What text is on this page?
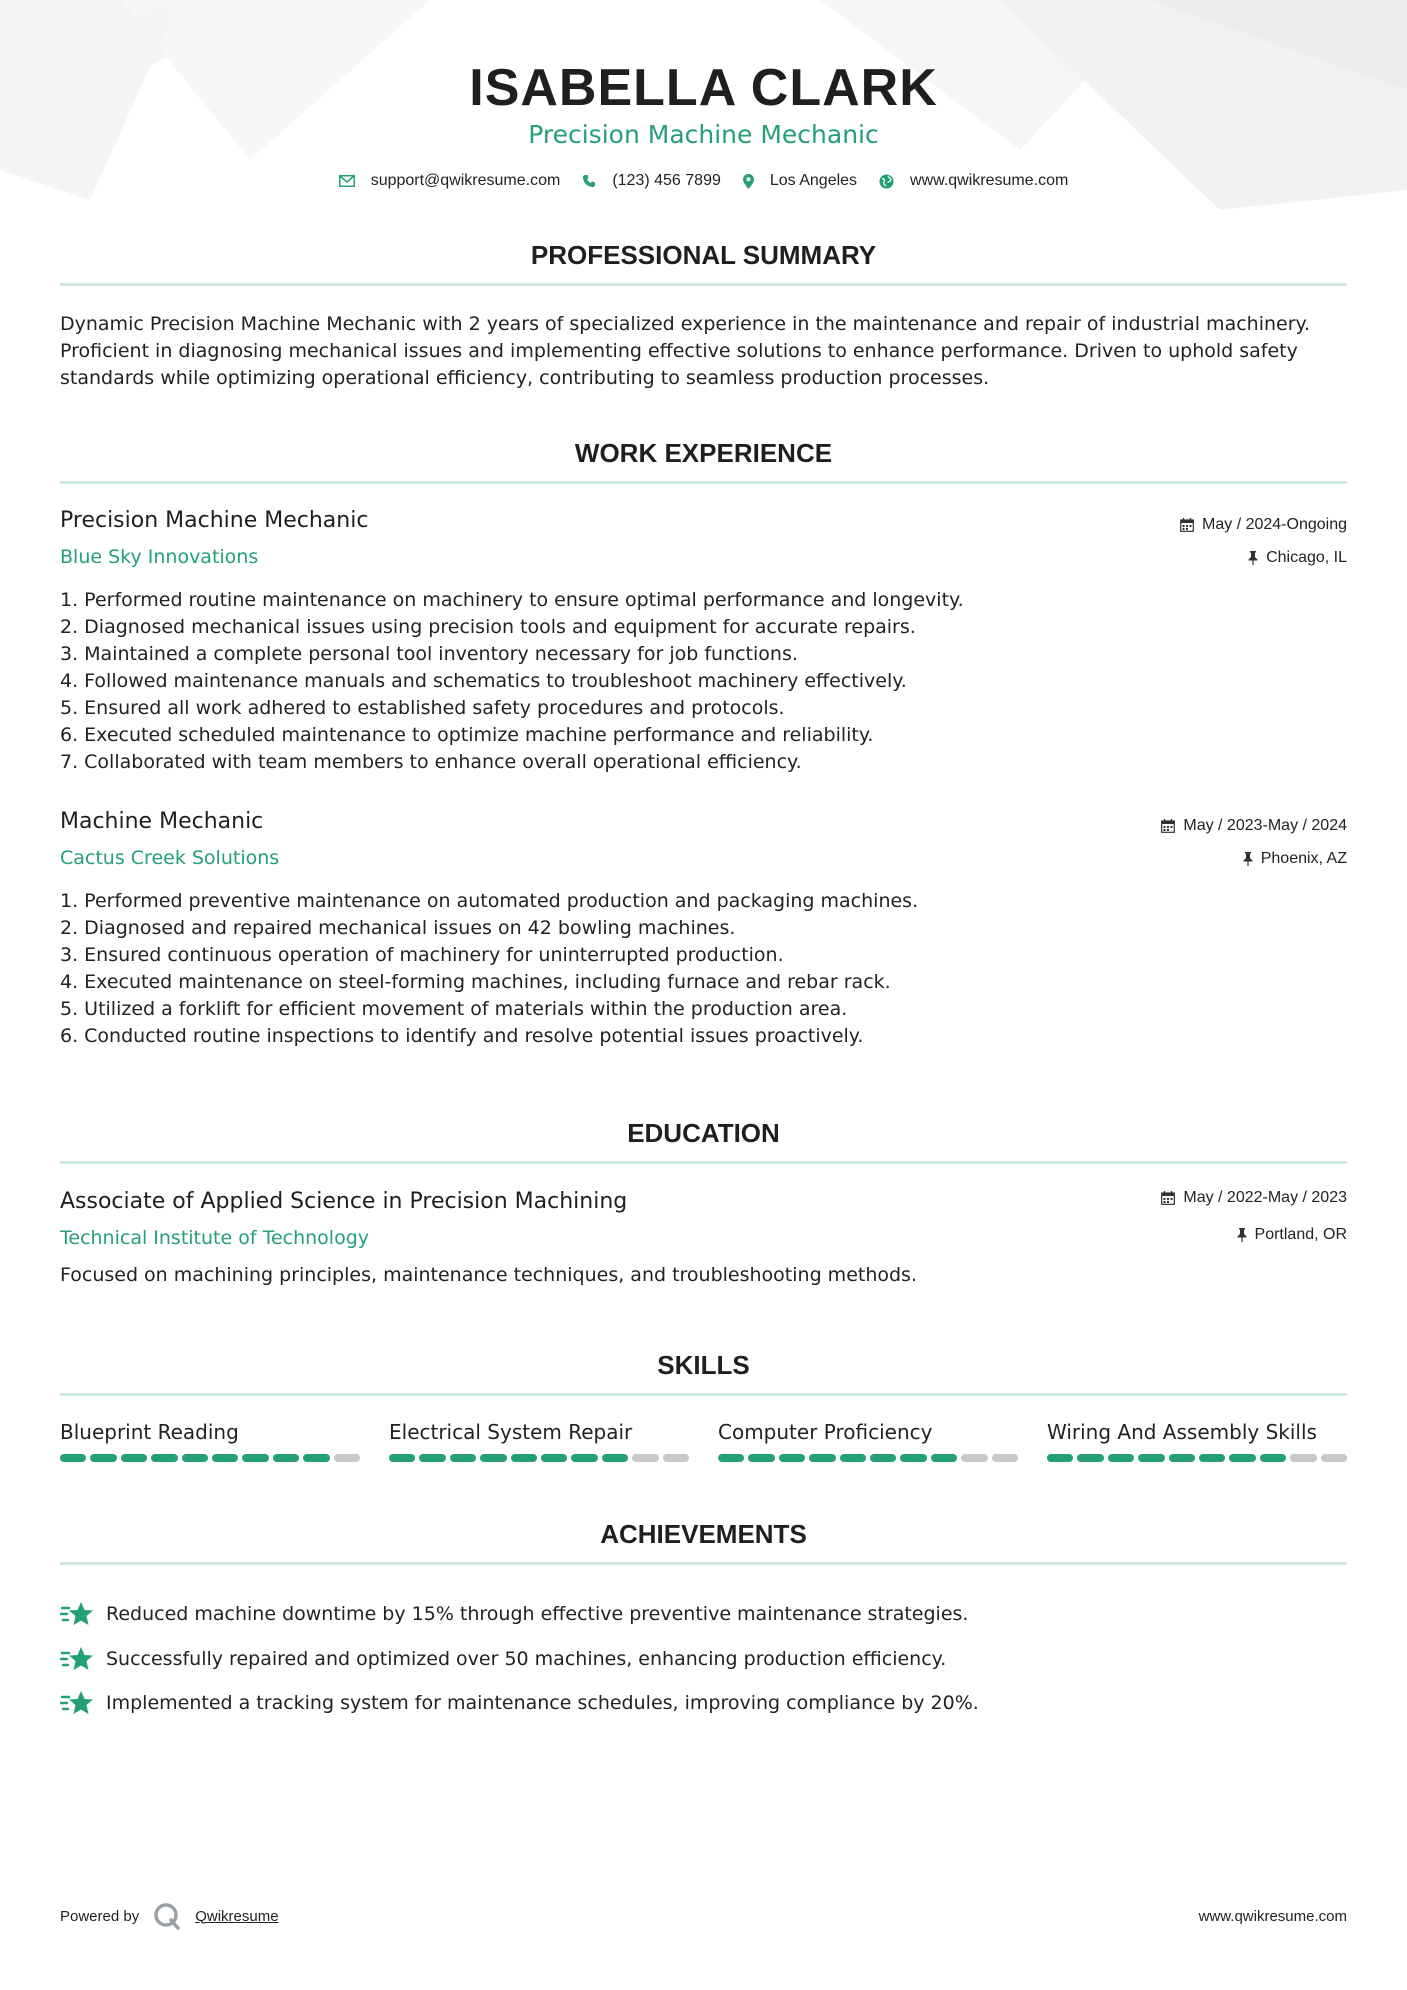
ISABELLA CLARK
Precision Machine Mechanic
support@qwikresume.com	(123) 456 7899	Los Angeles	www.qwikresume.com
PROFESSIONAL SUMMARY
Dynamic Precision Machine Mechanic with 2 years of specialized experience in the maintenance and repair of industrial machinery. Proficient in diagnosing mechanical issues and implementing effective solutions to enhance performance. Driven to uphold safety standards while optimizing operational efficiency, contributing to seamless production processes.
WORK EXPERIENCE
Precision Machine Mechanic	May / 2024-Ongoing
Blue Sky Innovations	Chicago, IL
1. Performed routine maintenance on machinery to ensure optimal performance and longevity.
2. Diagnosed mechanical issues using precision tools and equipment for accurate repairs.
3. Maintained a complete personal tool inventory necessary for job functions.
4. Followed maintenance manuals and schematics to troubleshoot machinery effectively.
5. Ensured all work adhered to established safety procedures and protocols.
6. Executed scheduled maintenance to optimize machine performance and reliability.
7. Collaborated with team members to enhance overall operational efficiency.
Machine Mechanic	May / 2023-May / 2024
Cactus Creek Solutions	Phoenix, AZ
1. Performed preventive maintenance on automated production and packaging machines.
2. Diagnosed and repaired mechanical issues on 42 bowling machines.
3. Ensured continuous operation of machinery for uninterrupted production.
4. Executed maintenance on steel-forming machines, including furnace and rebar rack.
5. Utilized a forklift for efficient movement of materials within the production area.
6. Conducted routine inspections to identify and resolve potential issues proactively.
EDUCATION
Associate of Applied Science in Precision Machining	May / 2022-May / 2023
Technical Institute of Technology	Portland, OR
Focused on machining principles, maintenance techniques, and troubleshooting methods.
SKILLS
Blueprint Reading	Electrical System Repair	Computer Proficiency	Wiring And Assembly Skills
ACHIEVEMENTS
Reduced machine downtime by 15% through effective preventive maintenance strategies.
Successfully repaired and optimized over 50 machines, enhancing production efficiency.
Implemented a tracking system for maintenance schedules, improving compliance by 20%.
Powered by	Qwikresume	www.qwikresume.com
